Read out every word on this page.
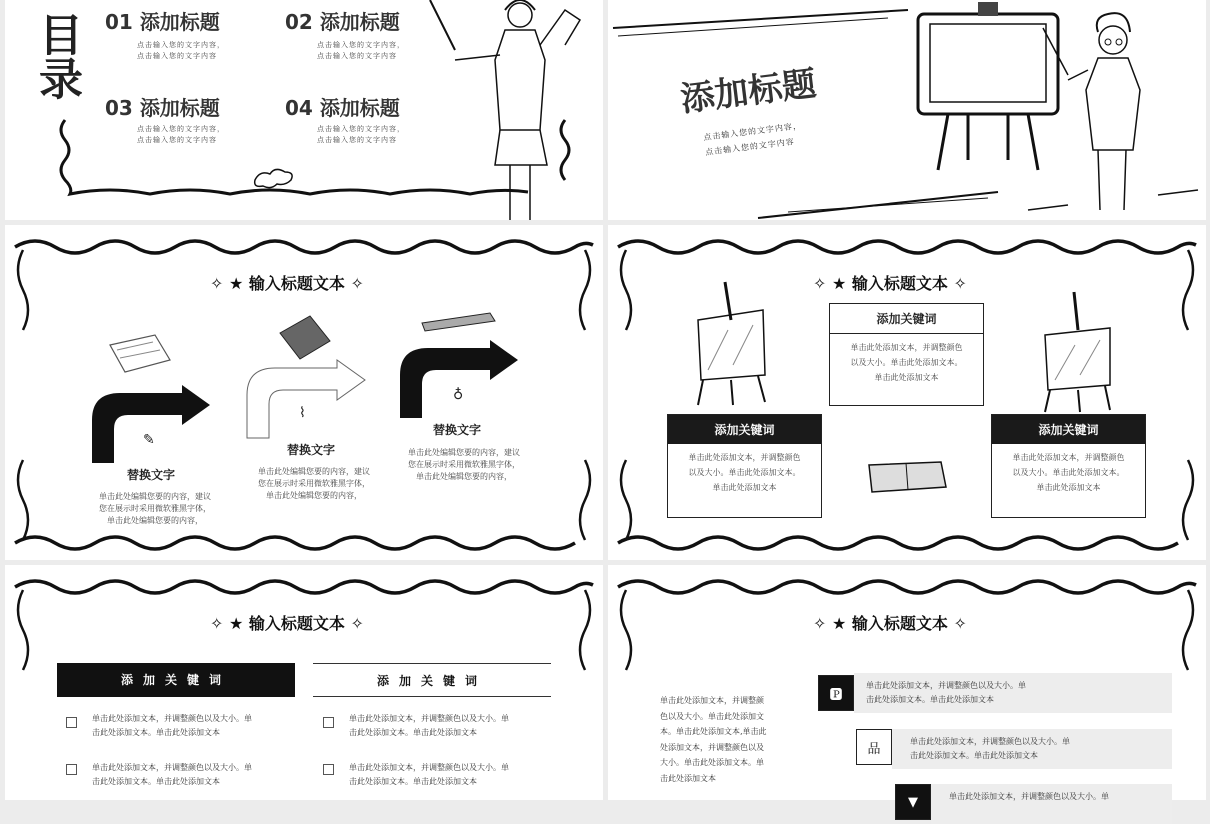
目录 01 添加标题
点击输入您的文字内容，
点击输入您的文字内容
02 添加标题
点击输入您的文字内容，
点击输入您的文字内容
03 添加标题
点击输入您的文字内容，
点击输入您的文字内容
04 添加标题
点击输入您的文字内容，
点击输入您的文字内容
添加标题
点击输入您的文字内容，
点击输入您的文字内容
✧ ★ 输入标题文本 ✧
✎
⌇
♁
替换文字
单击此处编辑您要的内容，建议
您在展示时采用微软雅黑字体，
单击此处编辑您要的内容，
替换文字
单击此处编辑您要的内容，建议
您在展示时采用微软雅黑字体，
单击此处编辑您要的内容，
替换文字
单击此处编辑您要的内容，建议
您在展示时采用微软雅黑字体，
单击此处编辑您要的内容，
✧ ★ 输入标题文本 ✧
添加关键词
单击此处添加文本，并调整颜色
以及大小。单击此处添加文本。
单击此处添加文本
添加关键词
单击此处添加文本，并调整颜色
以及大小。单击此处添加文本。
单击此处添加文本
添加关键词
单击此处添加文本，并调整颜色
以及大小。单击此处添加文本。
单击此处添加文本
✧ ★ 输入标题文本 ✧
添加关键词
单击此处添加文本，并调整颜色以及大小。单
击此处添加文本。单击此处添加文本
单击此处添加文本，并调整颜色以及大小。单
击此处添加文本。单击此处添加文本
添加关键词
单击此处添加文本，并调整颜色以及大小。单
击此处添加文本。单击此处添加文本
单击此处添加文本，并调整颜色以及大小。单
击此处添加文本。单击此处添加文本
✧ ★ 输入标题文本 ✧
单击此处添加文本，并调整颜
色以及大小。单击此处添加文
本。单击此处添加文本,单击此
处添加文本，并调整颜色以及
大小。单击此处添加文本。单
击此处添加文本
🅿
单击此处添加文本，并调整颜色以及大小。单
击此处添加文本。单击此处添加文本
品	单击此处添加文本，并调整颜色以及大小。单
击此处添加文本。单击此处添加文本
▼	单击此处添加文本，并调整颜色以及大小。单
